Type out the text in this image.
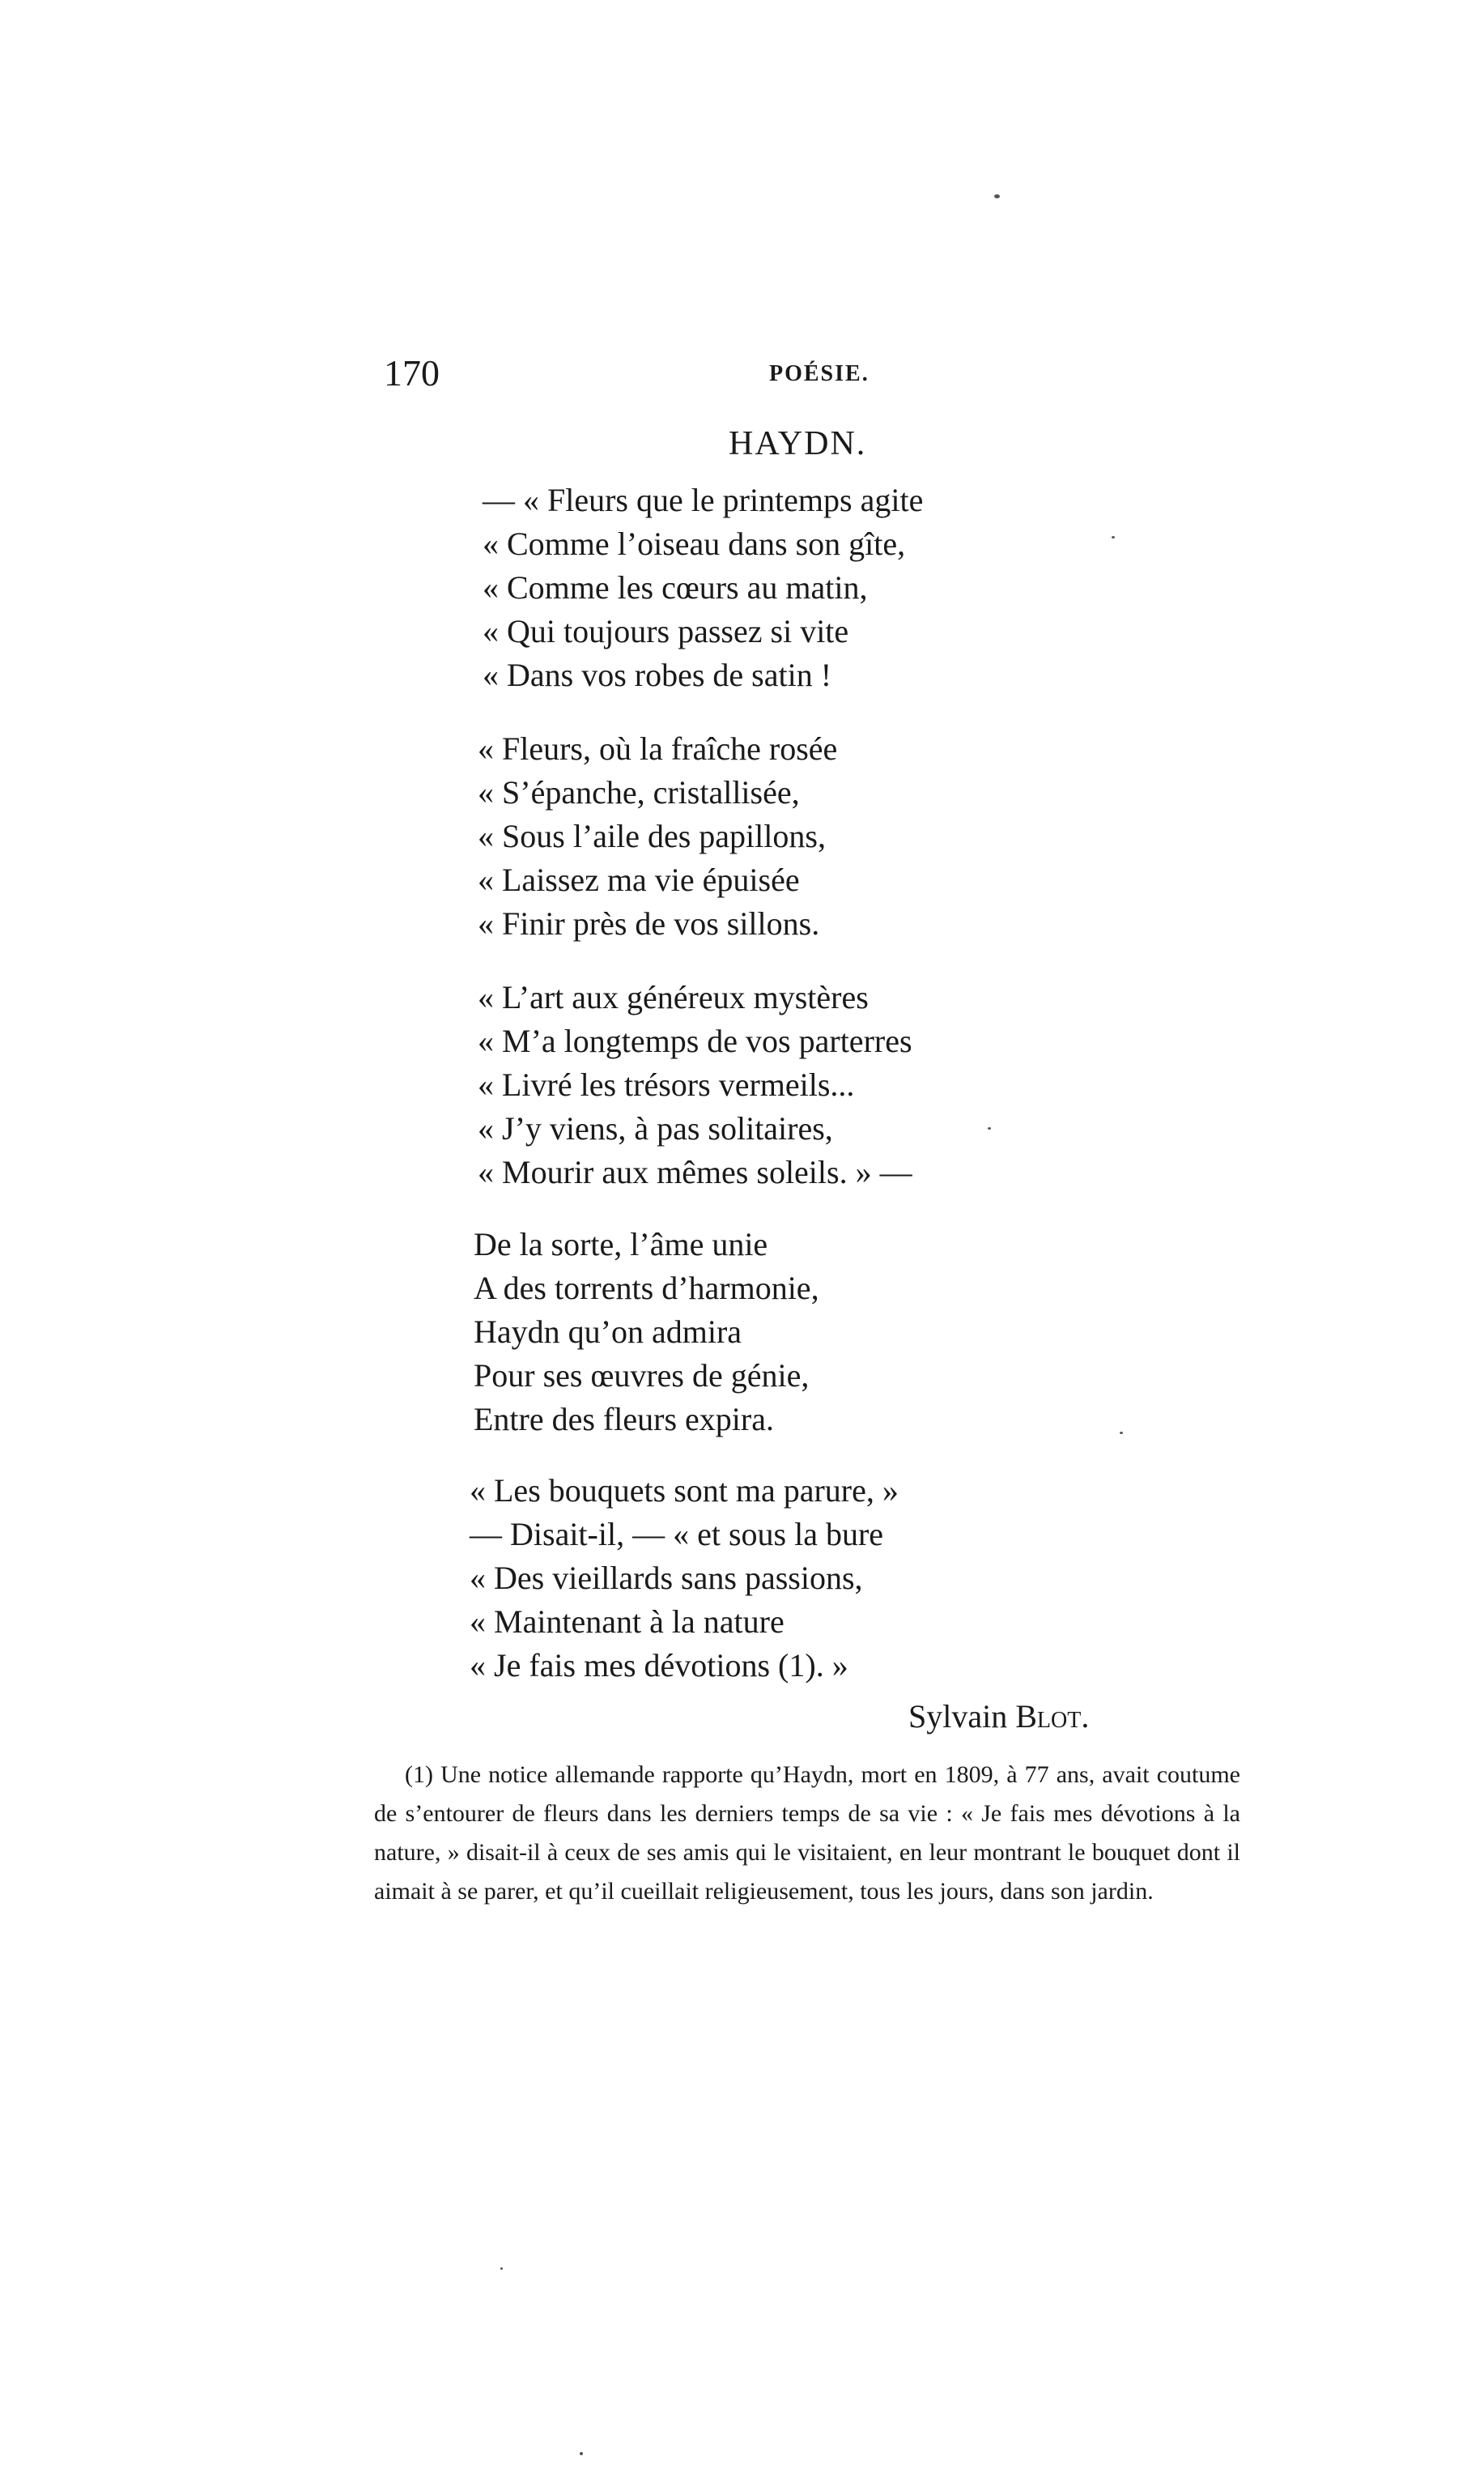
170	POÉSIE.
HAYDN.
— « Fleurs que le printemps agite
« Comme l’oiseau dans son gîte,
« Comme les cœurs au matin,
« Qui toujours passez si vite
« Dans vos robes de satin !
« Fleurs, où la fraîche rosée
« S’épanche, cristallisée,
« Sous l’aile des papillons,
« Laissez ma vie épuisée
« Finir près de vos sillons.
« L’art aux généreux mystères
« M’a longtemps de vos parterres
« Livré les trésors vermeils...
« J’y viens, à pas solitaires,
« Mourir aux mêmes soleils. » —
De la sorte, l’âme unie
A des torrents d’harmonie,
Haydn qu’on admira
Pour ses œuvres de génie,
Entre des fleurs expira.
« Les bouquets sont ma parure, »
— Disait-il, — « et sous la bure
« Des vieillards sans passions,
« Maintenant à la nature
« Je fais mes dévotions (1). »
Sylvain Blot.

(1) Une notice allemande rapporte qu’Haydn, mort en 1809, à 77 ans, avait coutume de s’entourer de fleurs dans les derniers temps de sa vie : « Je fais mes dévotions à la nature, » disait-il à ceux de ses amis qui le visitaient, en leur montrant le bouquet dont il aimait à se parer, et qu’il cueillait religieusement, tous les jours, dans son jardin.
